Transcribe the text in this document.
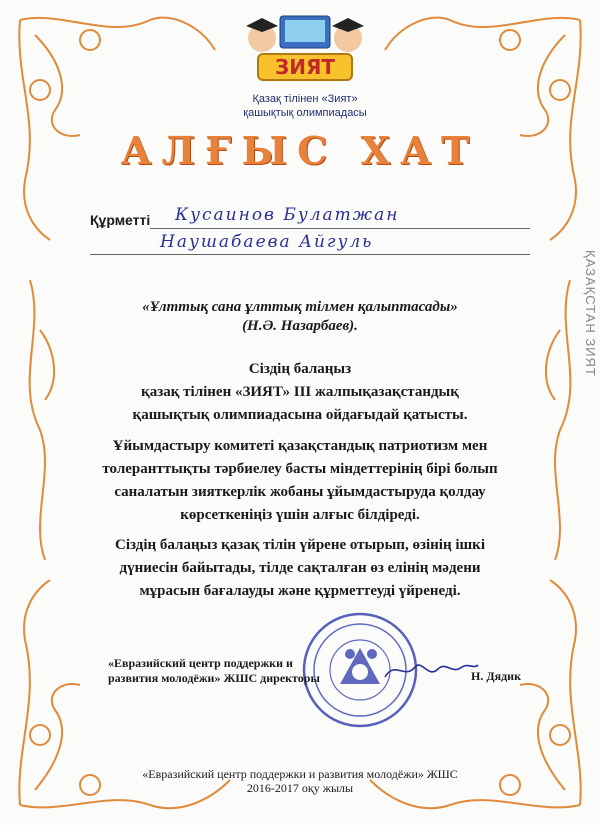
ҚАЗАҚСТАН ЗИЯТ
ЗИЯТ
Қазақ тілінен «Зият»
қашықтық олимпиадасы
АЛҒЫС ХАТ
Құрметті Кусаинов Булатжан
Наушабаева Айгуль
«Ұлттық сана ұлттық тілмен қалыптасады»
(Н.Ә. Назарбаев).
Сіздің балаңыз
қазақ тілінен «ЗИЯТ» ІІІ жалпықазақстандық
қашықтық олимпиадасына ойдағыдай қатысты.
Ұйымдастыру комитеті қазақстандық патриотизм мен
толеранттықты тәрбиелеу басты міндеттерінің бірі болып
саналатын зияткерлік жобаны ұйымдастыруда қолдау
көрсеткеніңіз үшін алғыс білдіреді.
Сіздің балаңыз қазақ тілін үйрене отырып, өзінің ішкі
дүниесін байытады, тілде сақталған өз елінің мәдени
мұрасын бағалауды және құрметтеуді үйренеді.
«Евразийский центр поддержки и
развития молодёжи» ЖШС директоры	Н. Дядик
«Евразийский центр поддержки и развития молодёжи» ЖШС
2016-2017 оқу жылы
